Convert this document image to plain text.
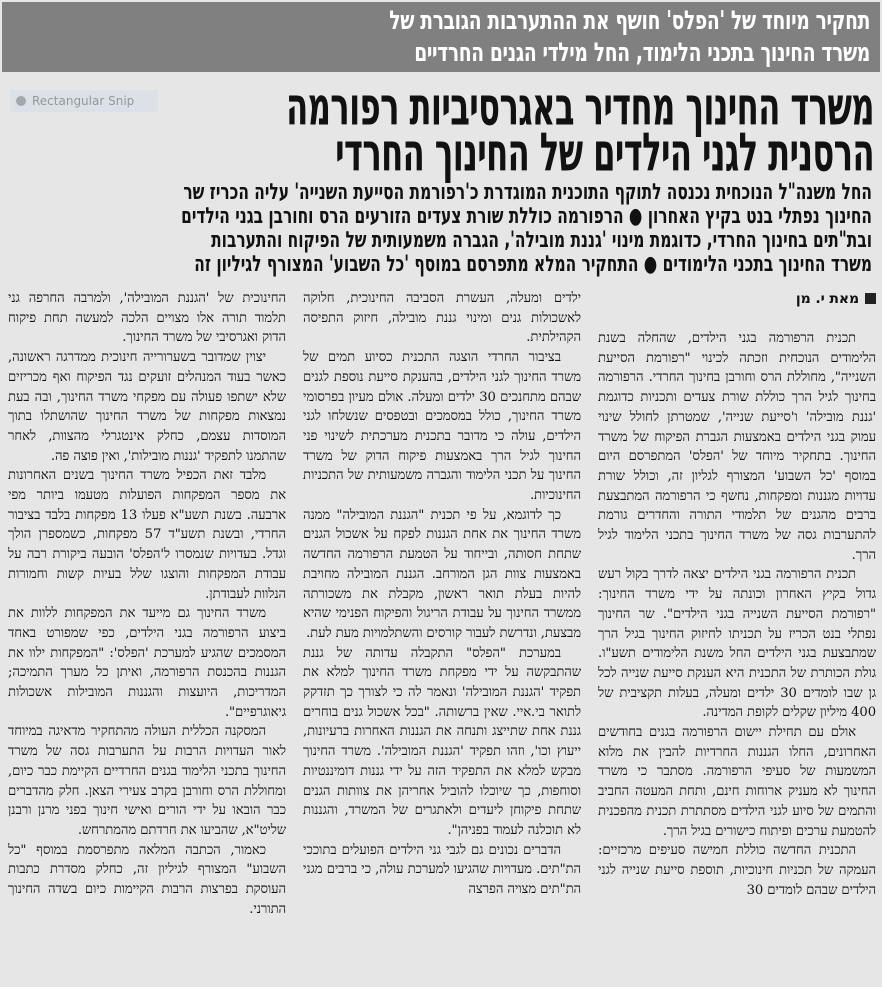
תחקיר מיוחד של 'הפלס' חושף את ההתערבות הגוברת של
משרד החינוך בתכני הלימוד, החל מילדי הגנים החרדיים
משרד החינוך מחדיר באגרסיביות רפורמה
הרסנית לגני הילדים של החינוך החרדי
Rectangular Snip
החל משנה"ל הנוכחית נכנסה לתוקף התוכנית המוגדרת כ'רפורמת הסייעת השנייה' עליה הכריז שר
החינוך נפתלי בנט בקיץ האחרון ● הרפורמה כוללת שורת צעדים הזורעים הרס וחורבן בגני הילדים
ובת"תים בחינוך החרדי, כדוגמת מינוי 'גננת מובילה', הגברה משמעותית של הפיקוח והתערבות
משרד החינוך בתכני הלימודים ● התחקיר המלא מתפרסם במוסף 'כל השבוע' המצורף לגיליון זה
מאת י. מן

תכנית הרפורמה בגני הילדים, שהחלה בשנת הלימודים הנוכחית וזכתה לכינוי "רפורמת הסייעת השנייה", מחוללת הרס וחורבן בחינוך החרדי. הרפורמה בחינוך לגיל הרך כוללת שורת צעדים ותכניות כדוגמת 'גננת מובילה' ו'סייעת שנייה', שמטרתן לחולל שינוי עמוק בגני הילדים באמצעות הגברת הפיקוח של משרד החינוך. בתחקיר מיוחד של 'הפלס' המתפרסם היום במוסף 'כל השבוע' המצורף לגליון זה, וכולל שורת עדויות מגננות ומפקחות, נחשף כי הרפורמה המתבצעת ברבים מהגנים של תלמודי התורה והחדרים גורמת להתערבות גסה של משרד החינוך בתכני הלימוד לגיל הרך.

תכנית הרפורמה בגני הילדים יצאה לדרך בקול רעש גדול בקיץ האחרון וכונתה על ידי משרד החינוך: "רפורמת הסייעת השנייה בגני הילדים". שר החינוך נפתלי בנט הכריז על תכניתו לחיזוק החינוך בגיל הרך שמתבצעת בגני הילדים החל משנת הלימודים תשע"ו. גולת הכותרת של התכנית היא הענקת סייעת שנייה לכל גן שבו לומדים 30 ילדים ומעלה, בעלות תקציבית של 400 מיליון שקלים לקופת המדינה.

אולם עם תחילת יישום הרפורמה בגנים בחודשים האחרונים, החלו הגננות החרדיות להבין את מלוא המשמעות של סעיפי הרפורמה. מסתבר כי משרד החינוך לא מעניק ארוחות חינם, ותחת המעטה החביב והתמים של סיוע לגני הילדים מסתתרת תכנית מהפכנית להטמעת ערכים ופיתוח כישורים בגיל הרך.

התכנית החדשה כוללת חמישה סעיפים מרכזיים: העמקה של תכניות חינוכיות, תוספת סייעת שנייה לגני הילדים שבהם לומדים 30

ילדים ומעלה, העשרת הסביבה החינוכית, חלוקה לאשכולות גנים ומינוי גננת מובילה, חיזוק התפיסה הקהילתית.

בציבור החרדי הוצגה התכנית כסיוע תמים של משרד החינוך לגני הילדים, בהענקת סייעת נוספת לגנים שבהם מתחנכים 30 ילדים ומעלה. אולם מעיון בפרסומי משרד החינוך, כולל במסמכים ובטפסים שנשלחו לגני הילדים, עולה כי מדובר בתכנית מערכתית לשינוי פני החינוך לגיל הרך באמצעות פיקוח הדוק של משרד החינוך על תכני הלימוד והגברה משמעותית של התכניות החינוכיות.

כך לדוגמא, על פי תכנית "הגננת המובילה" ממנה משרד החינוך את אחת הגננות לפקח על אשכול הגנים שתחת חסותה, ובייחוד על הטמעת הרפורמה החדשה באמצעות צוות הגן המורחב. הגננת המובילה מחויבת להיות בעלת תואר ראשון, מקבלת את משכורתה ממשרד החינוך על עבודת הריגול והפיקוח הפנימי שהיא מבצעת, ונדרשת לעבור קורסים והשתלמויות מעת לעת.

במערכת "הפלס" התקבלה עדותה של גננת שהתבקשה על ידי מפקחת משרד החינוך למלא את תפקיד 'הגננת המובילה' ונאמר לה כי לצורך כך תזדקק לתואר בי.איי. שאין ברשותה. "בכל אשכול גנים בוחרים גננת אחת שתייצג ותנחה את הגננות האחרות ברעיונות, ייעוץ וכו', וזהו תפקיד 'הגננת המובילה'. משרד החינוך מבקש למלא את התפקיד הזה על ידי גננות דומיננטיות וסוחפות, כך שיוכלו להוביל אחריהן את צוותות הגנים שתחת פיקוחן ליעדים ולאתגרים של המשרד, והגננות לא תוכלנה לעמוד בפניהן".

הדברים נכונים גם לגבי גני הילדים הפועלים בתוככי הת"תים. מעדויות שהגיעו למערכת עולה, כי ברבים מגני הת"תים מצויה הפרצה

החינוכית של 'הגננת המובילה', ולמרבה החרפה גני תלמוד תורה אלו מצויים הלכה למעשה תחת פיקוח הדוק ואגרסיבי של משרד החינוך.

יצוין שמדובר בשערורייה חינוכית ממדרגה ראשונה, כאשר בעוד המנהלים זועקים נגד הפיקוח ואף מכריזים שלא ישתפו פעולה עם מפקחי משרד החינוך, ובה בעת נמצאות מפקחות של משרד החינוך שהושתלו בתוך המוסדות עצמם, כחלק אינטגרלי מהצוות, לאחר שהתמנו לתפקיד 'גננות מובילות', ואין פוצה פה.

מלבד זאת הכפיל משרד החינוך בשנים האחרונות את מספר המפקחות הפועלות מטעמו ביותר מפי ארבעה. בשנת תשע"א פעלו 13 מפקחות בלבד בציבור החרדי, ובשנת תשע"ד 57 מפקחות, כשמספרן הולך וגדל. בעדויות שנמסרו ל'הפלס' הובעה ביקורת רבה על עבודת המפקחות והוצגו שלל בעיות קשות וחמורות הנלוות לעבודתן.

משרד החינוך גם מייעד את המפקחות ללוות את ביצוע הרפורמה בגני הילדים, כפי שמפורט באחד המסמכים שהגיע למערכת 'הפלס': "המפקחות ילוו את הגננות בהכנסת הרפורמה, ואיתן כל מערך התמיכה; המדריכות, היועצות והגננות המובילות אשכולות גיאוגרפיים".

המסקנה הכללית העולה מהתחקיר מדאיגה במיוחד לאור העדויות הרבות על התערבות גסה של משרד החינוך בתכני הלימוד בגנים החרדיים הקיימת כבר כיום, ומחוללת הרס וחורבן בקרב צעירי הצאן. חלק מהדברים כבר הובאו על ידי הורים ואישי חינוך בפני מרנן ורבנן שליט"א, שהביעו את חרדתם מהמתרחש.

כאמור, הכתבה המלאה מתפרסמת במוסף "כל השבוע" המצורף לגיליון זה, כחלק מסדרת כתבות העוסקת בפרצות הרבות הקיימות כיום בשדה החינוך התורני.
